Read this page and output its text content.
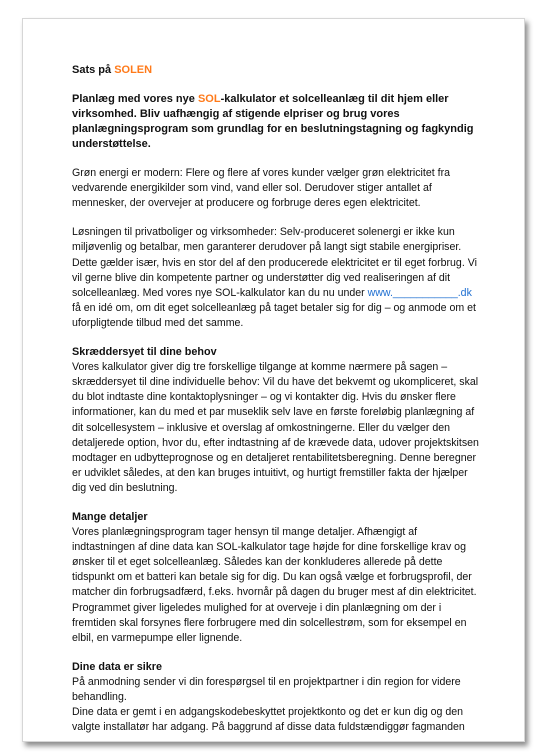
Sats på SOLEN
Planlæg med vores nye SOL-kalkulator et solcelleanlæg til dit hjem eller virksomhed. Bliv uafhængig af stigende elpriser og brug vores planlægningsprogram som grundlag for en beslutningstagning og fagkyndig understøttelse.

Grøn energi er modern: Flere og flere af vores kunder vælger grøn elektricitet fra vedvarende energikilder som vind, vand eller sol. Derudover stiger antallet af mennesker, der overvejer at producere og forbruge deres egen elektricitet.

Løsningen til privatboliger og virksomheder: Selv-produceret solenergi er ikke kun miljøvenlig og betalbar, men garanterer derudover på langt sigt stabile energipriser. Dette gælder især, hvis en stor del af den producerede elektricitet er til eget forbrug. Vi vil gerne blive din kompetente partner og understøtter dig ved realiseringen af dit solcelleanlæg. Med vores nye SOL-kalkulator kan du nu under www.___________.dk få en idé om, om dit eget solcelleanlæg på taget betaler sig for dig – og anmode om et uforpligtende tilbud med det samme.

Skræddersyet til dine behov
Vores kalkulator giver dig tre forskellige tilgange at komme nærmere på sagen – skræddersyet til dine individuelle behov: Vil du have det bekvemt og ukompliceret, skal du blot indtaste dine kontaktoplysninger – og vi kontakter dig. Hvis du ønsker flere informationer, kan du med et par museklik selv lave en første foreløbig planlægning af dit solcellesystem – inklusive et overslag af omkostningerne. Eller du vælger den detaljerede option, hvor du, efter indtastning af de krævede data, udover projektskitsen modtager en udbytteprognose og en detaljeret rentabilitetsberegning. Denne beregner er udviklet således, at den kan bruges intuitivt, og hurtigt fremstiller fakta der hjælper dig ved din beslutning.
Mange detaljer
Vores planlægningsprogram tager hensyn til mange detaljer. Afhængigt af indtastningen af dine data kan SOL-kalkulator tage højde for dine forskellige krav og ønsker til et eget solcelleanlæg. Således kan der konkluderes allerede på dette tidspunkt om et batteri kan betale sig for dig. Du kan også vælge et forbrugsprofil, der matcher din forbrugsadfærd, f.eks. hvornår på dagen du bruger mest af din elektricitet. Programmet giver ligeledes mulighed for at overveje i din planlægning om der i fremtiden skal forsynes flere forbrugere med din solcellestrøm, som for eksempel en elbil, en varmepumpe eller lignende.
Dine data er sikre
På anmodning sender vi din forespørgsel til en projektpartner i din region for videre behandling.
Dine data er gemt i en adgangskodebeskyttet projektkonto og det er kun dig og den valgte installatør har adgang. På baggrund af disse data fuldstændiggør fagmanden
